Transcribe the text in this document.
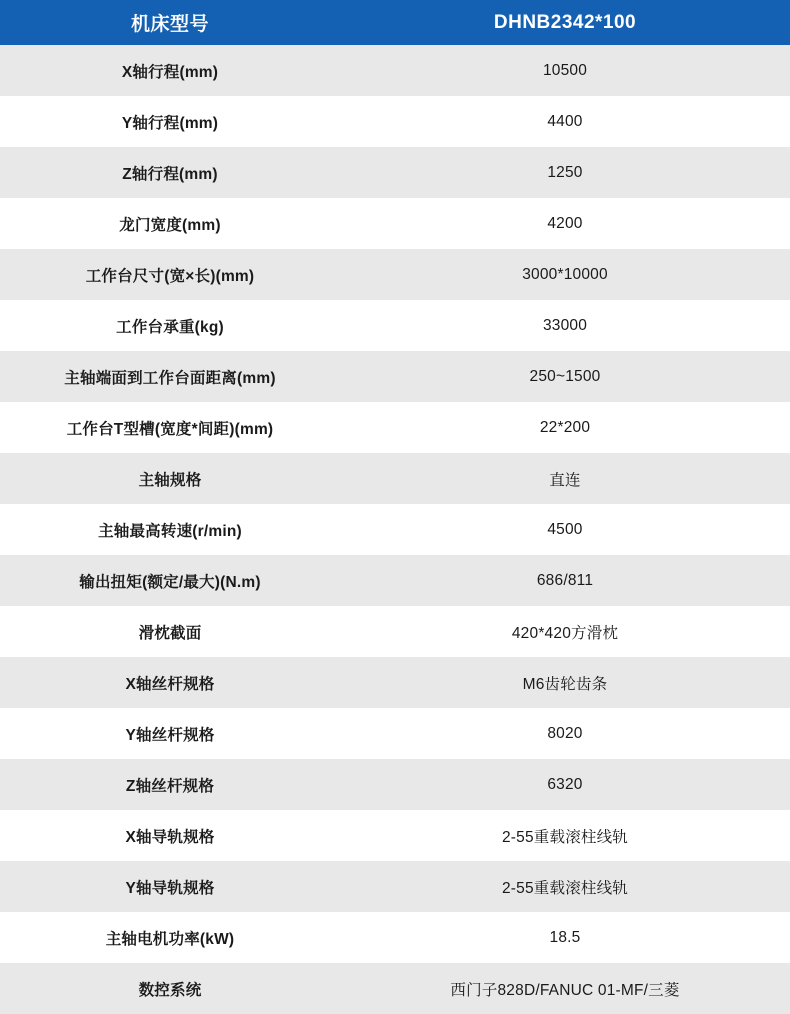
机床型号	DHNB2342*100
X轴行程(mm)	10500
Y轴行程(mm)	4400
Z轴行程(mm)	1250
龙门宽度(mm)	4200
工作台尺寸(宽×长)(mm)	3000*10000
工作台承重(kg)	33000
主轴端面到工作台面距离(mm)	250~1500
工作台T型槽(宽度*间距)(mm)	22*200
主轴规格	直连
主轴最高转速(r/min)	4500
输出扭矩(额定/最大)(N.m)	686/811
滑枕截面	420*420方滑枕
X轴丝杆规格	M6齿轮齿条
Y轴丝杆规格	8020
Z轴丝杆规格	6320
X轴导轨规格	2-55重载滚柱线轨
Y轴导轨规格	2-55重载滚柱线轨
主轴电机功率(kW)	18.5
数控系统	西门子828D/FANUC 01-MF/三菱
